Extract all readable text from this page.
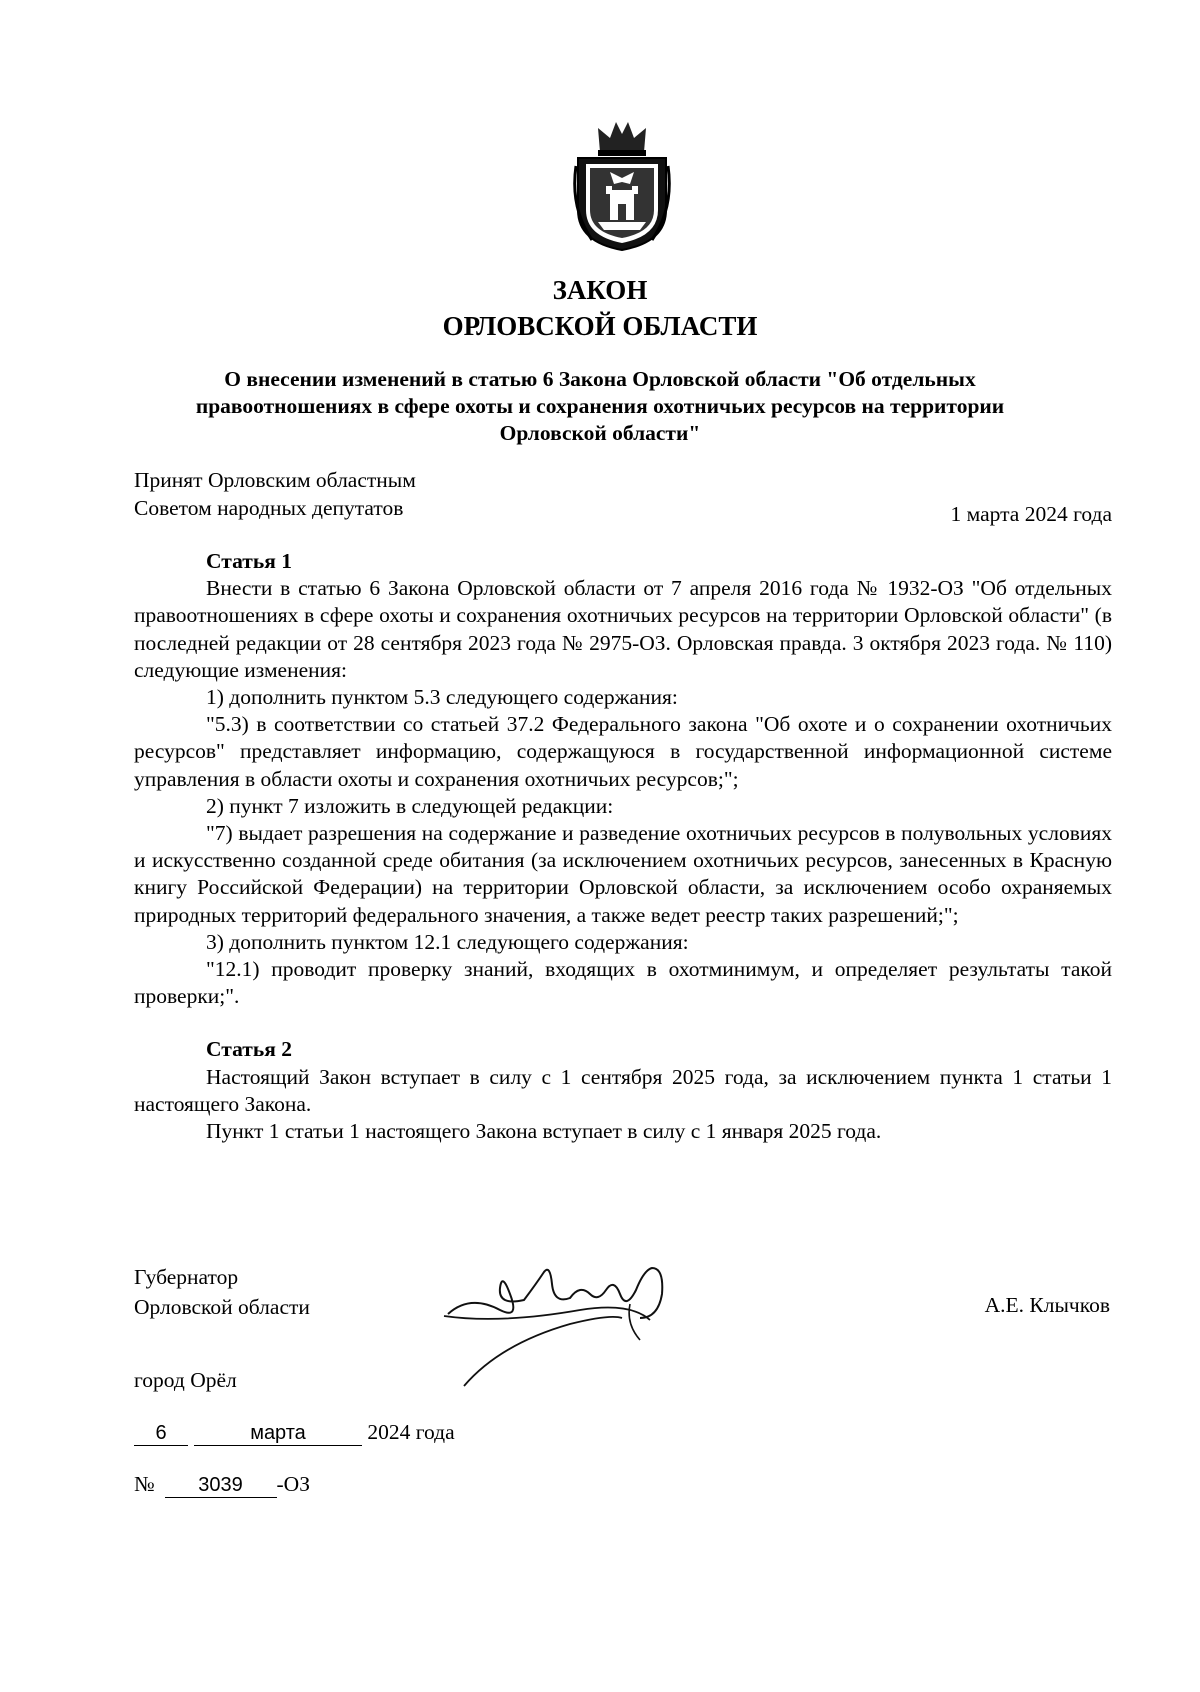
ЗАКОН
ОРЛОВСКОЙ ОБЛАСТИ
О внесении изменений в статью 6 Закона Орловской области "Об отдельных
правоотношениях в сфере охоты и сохранения охотничьих ресурсов на территории
Орловской области"
Принят Орловским областным
Советом народных депутатов	1 марта 2024 года

Статья 1

Внести в статью 6 Закона Орловской области от 7 апреля 2016 года № 1932-ОЗ "Об отдельных правоотношениях в сфере охоты и сохранения охотничьих ресурсов на территории Орловской области" (в последней редакции от 28 сентября 2023 года № 2975-ОЗ. Орловская правда. 3 октября 2023 года. № 110) следующие изменения:

1) дополнить пунктом 5.3 следующего содержания:

"5.3) в соответствии со статьей 37.2 Федерального закона "Об охоте и о сохранении охотничьих ресурсов" представляет информацию, содержащуюся в государственной информационной системе управления в области охоты и сохранения охотничьих ресурсов;";

2) пункт 7 изложить в следующей редакции:

"7) выдает разрешения на содержание и разведение охотничьих ресурсов в полувольных условиях и искусственно созданной среде обитания (за исключением охотничьих ресурсов, занесенных в Красную книгу Российской Федерации) на территории Орловской области, за исключением особо охраняемых природных территорий федерального значения, а также ведет реестр таких разрешений;";

3) дополнить пунктом 12.1 следующего содержания:

"12.1) проводит проверку знаний, входящих в охотминимум, и определяет результаты такой проверки;".

Статья 2

Настоящий Закон вступает в силу с 1 сентября 2025 года, за исключением пункта 1 статьи 1 настоящего Закона.

Пункт 1 статьи 1 настоящего Закона вступает в силу с 1 января 2025 года.

Губернатор
Орловской области	А.Е. Клычков
город Орёл
6	марта	2024 года
№ 3039 -ОЗ
